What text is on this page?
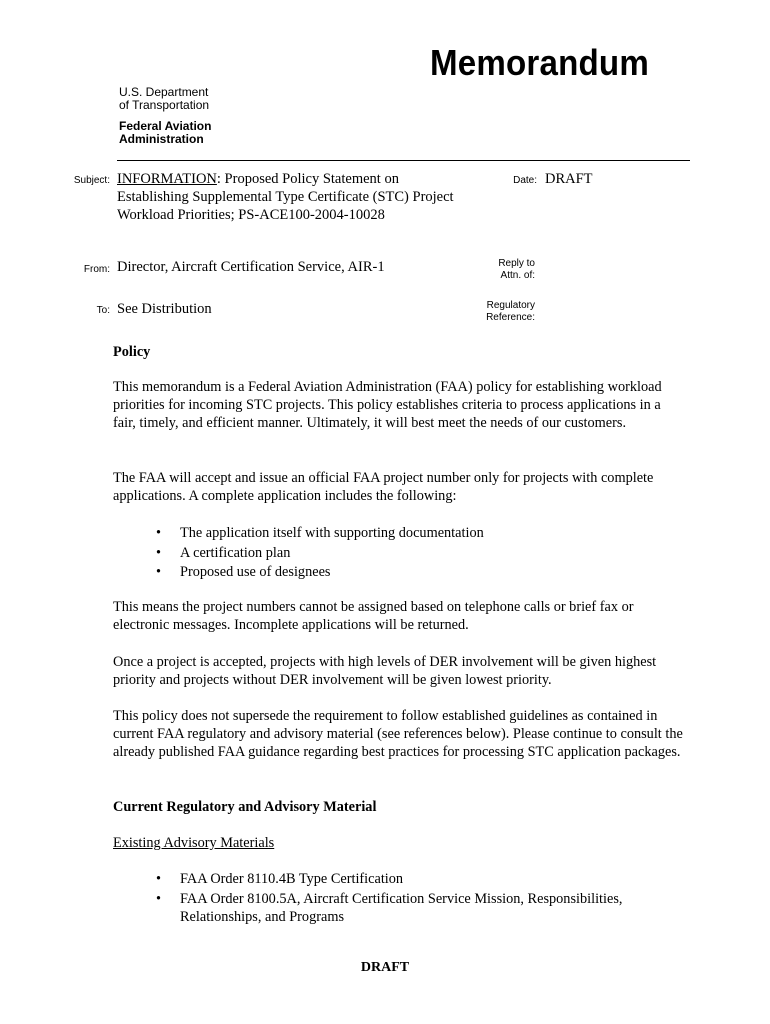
Memorandum
U.S. Department
of Transportation
Federal Aviation
Administration
Subject: INFORMATION: Proposed Policy Statement on
Establishing Supplemental Type Certificate (STC) Project
Workload Priorities; PS-ACE100-2004-10028
Date: DRAFT
From: Director, Aircraft Certification Service, AIR-1	Reply to
Attn. of:
To: See Distribution	Regulatory
Reference:
Policy

This memorandum is a Federal Aviation Administration (FAA) policy for establishing workload priorities for incoming STC projects. This policy establishes criteria to process applications in a fair, timely, and efficient manner. Ultimately, it will best meet the needs of our customers.

The FAA will accept and issue an official FAA project number only for projects with complete applications. A complete application includes the following:

• The application itself with supporting documentation
• A certification plan
• Proposed use of designees

This means the project numbers cannot be assigned based on telephone calls or brief fax or electronic messages. Incomplete applications will be returned.

Once a project is accepted, projects with high levels of DER involvement will be given highest priority and projects without DER involvement will be given lowest priority.

This policy does not supersede the requirement to follow established guidelines as contained in current FAA regulatory and advisory material (see references below). Please continue to consult the already published FAA guidance regarding best practices for processing STC application packages.

Current Regulatory and Advisory Material
Existing Advisory Materials
• FAA Order 8110.4B Type Certification
• FAA Order 8100.5A, Aircraft Certification Service Mission, Responsibilities, Relationships, and Programs
DRAFT
